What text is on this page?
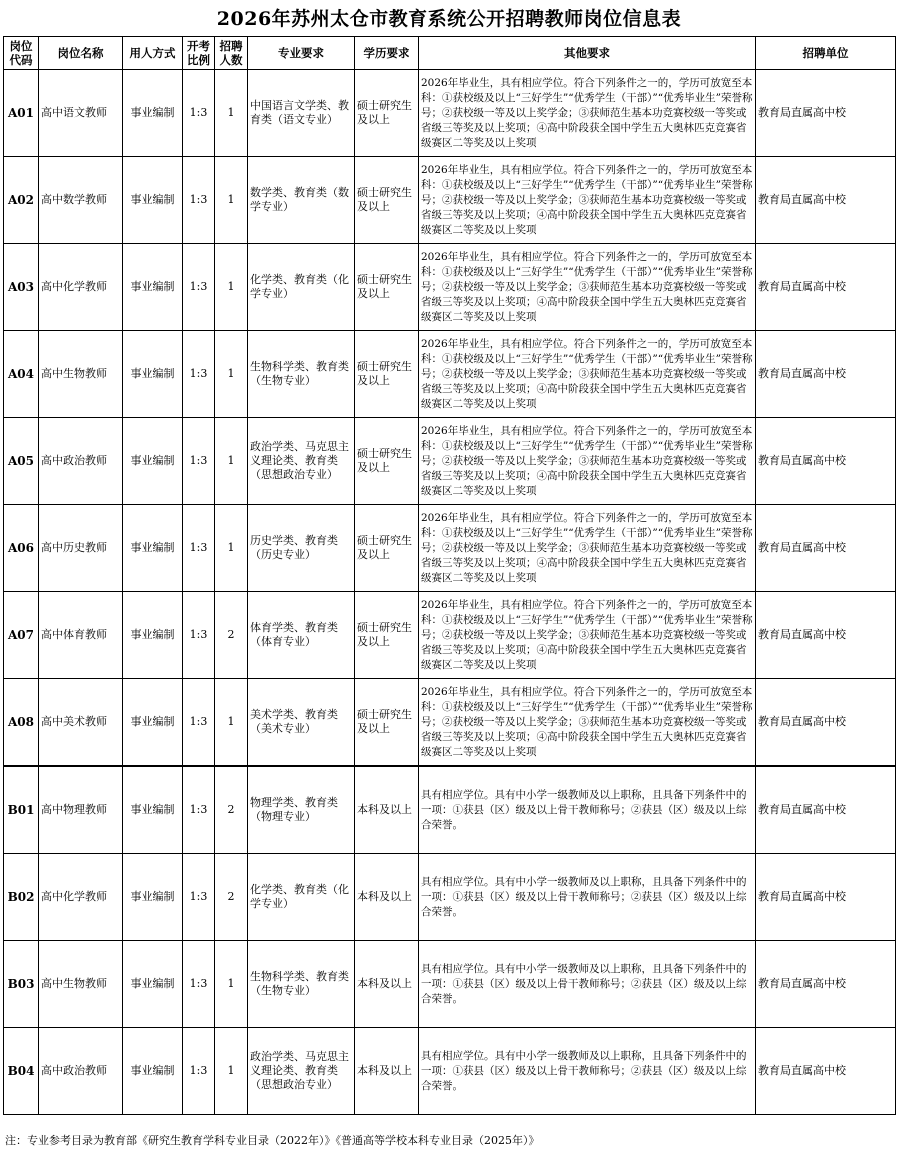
2026年苏州太仓市教育系统公开招聘教师岗位信息表
岗位代码	岗位名称	用人方式	开考比例	招聘人数	专业要求	学历要求	其他要求	招聘单位
A01	高中语文教师	事业编制	1:3	1	中国语言文学类、教育类（语文专业）	硕士研究生及以上	2026年毕业生，具有相应学位。符合下列条件之一的，学历可放宽至本科：①获校级及以上“三好学生”“优秀学生（干部）”“优秀毕业生”荣誉称号；②获校级一等及以上奖学金；③获师范生基本功竞赛校级一等奖或省级三等奖及以上奖项；④高中阶段获全国中学生五大奥林匹克竞赛省级赛区二等奖及以上奖项	教育局直属高中校
A02	高中数学教师	事业编制	1:3	1	数学类、教育类（数学专业）	硕士研究生及以上	2026年毕业生，具有相应学位。符合下列条件之一的，学历可放宽至本科：①获校级及以上“三好学生”“优秀学生（干部）”“优秀毕业生”荣誉称号；②获校级一等及以上奖学金；③获师范生基本功竞赛校级一等奖或省级三等奖及以上奖项；④高中阶段获全国中学生五大奥林匹克竞赛省级赛区二等奖及以上奖项	教育局直属高中校
A03	高中化学教师	事业编制	1:3	1	化学类、教育类（化学专业）	硕士研究生及以上	2026年毕业生，具有相应学位。符合下列条件之一的，学历可放宽至本科：①获校级及以上“三好学生”“优秀学生（干部）”“优秀毕业生”荣誉称号；②获校级一等及以上奖学金；③获师范生基本功竞赛校级一等奖或省级三等奖及以上奖项；④高中阶段获全国中学生五大奥林匹克竞赛省级赛区二等奖及以上奖项	教育局直属高中校
A04	高中生物教师	事业编制	1:3	1	生物科学类、教育类（生物专业）	硕士研究生及以上	2026年毕业生，具有相应学位。符合下列条件之一的，学历可放宽至本科：①获校级及以上“三好学生”“优秀学生（干部）”“优秀毕业生”荣誉称号；②获校级一等及以上奖学金；③获师范生基本功竞赛校级一等奖或省级三等奖及以上奖项；④高中阶段获全国中学生五大奥林匹克竞赛省级赛区二等奖及以上奖项	教育局直属高中校
A05	高中政治教师	事业编制	1:3	1	政治学类、马克思主义理论类、教育类（思想政治专业）	硕士研究生及以上	2026年毕业生，具有相应学位。符合下列条件之一的，学历可放宽至本科：①获校级及以上“三好学生”“优秀学生（干部）”“优秀毕业生”荣誉称号；②获校级一等及以上奖学金；③获师范生基本功竞赛校级一等奖或省级三等奖及以上奖项；④高中阶段获全国中学生五大奥林匹克竞赛省级赛区二等奖及以上奖项	教育局直属高中校
A06	高中历史教师	事业编制	1:3	1	历史学类、教育类（历史专业）	硕士研究生及以上	2026年毕业生，具有相应学位。符合下列条件之一的，学历可放宽至本科：①获校级及以上“三好学生”“优秀学生（干部）”“优秀毕业生”荣誉称号；②获校级一等及以上奖学金；③获师范生基本功竞赛校级一等奖或省级三等奖及以上奖项；④高中阶段获全国中学生五大奥林匹克竞赛省级赛区二等奖及以上奖项	教育局直属高中校
A07	高中体育教师	事业编制	1:3	2	体育学类、教育类（体育专业）	硕士研究生及以上	2026年毕业生，具有相应学位。符合下列条件之一的，学历可放宽至本科：①获校级及以上“三好学生”“优秀学生（干部）”“优秀毕业生”荣誉称号；②获校级一等及以上奖学金；③获师范生基本功竞赛校级一等奖或省级三等奖及以上奖项；④高中阶段获全国中学生五大奥林匹克竞赛省级赛区二等奖及以上奖项	教育局直属高中校
A08	高中美术教师	事业编制	1:3	1	美术学类、教育类（美术专业）	硕士研究生及以上	2026年毕业生，具有相应学位。符合下列条件之一的，学历可放宽至本科：①获校级及以上“三好学生”“优秀学生（干部）”“优秀毕业生”荣誉称号；②获校级一等及以上奖学金；③获师范生基本功竞赛校级一等奖或省级三等奖及以上奖项；④高中阶段获全国中学生五大奥林匹克竞赛省级赛区二等奖及以上奖项	教育局直属高中校
B01	高中物理教师	事业编制	1:3	2	物理学类、教育类（物理专业）	本科及以上	具有相应学位。具有中小学一级教师及以上职称，且具备下列条件中的一项：①获县（区）级及以上骨干教师称号；②获县（区）级及以上综合荣誉。	教育局直属高中校
B02	高中化学教师	事业编制	1:3	2	化学类、教育类（化学专业）	本科及以上	具有相应学位。具有中小学一级教师及以上职称，且具备下列条件中的一项：①获县（区）级及以上骨干教师称号；②获县（区）级及以上综合荣誉。	教育局直属高中校
B03	高中生物教师	事业编制	1:3	1	生物科学类、教育类（生物专业）	本科及以上	具有相应学位。具有中小学一级教师及以上职称，且具备下列条件中的一项：①获县（区）级及以上骨干教师称号；②获县（区）级及以上综合荣誉。	教育局直属高中校
B04	高中政治教师	事业编制	1:3	1	政治学类、马克思主义理论类、教育类（思想政治专业）	本科及以上	具有相应学位。具有中小学一级教师及以上职称，且具备下列条件中的一项：①获县（区）级及以上骨干教师称号；②获县（区）级及以上综合荣誉。	教育局直属高中校
注：专业参考目录为教育部《研究生教育学科专业目录（2022年）》《普通高等学校本科专业目录（2025年）》
